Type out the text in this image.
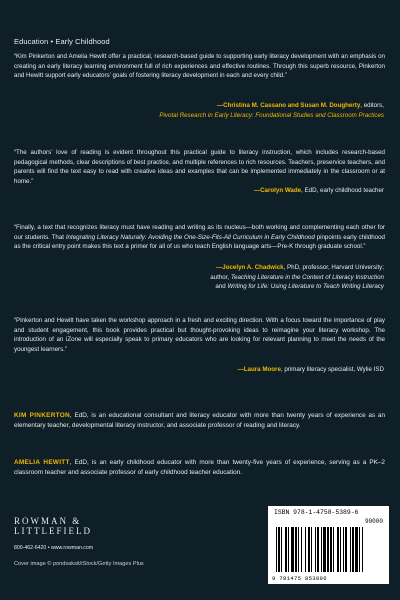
Education • Early Childhood

“Kim Pinkerton and Amelia Hewitt offer a practical, research-based guide to supporting early literacy development with an emphasis on creating an early literacy learning environment full of rich experiences and effective routines. Through this superb resource, Pinkerton and Hewitt support early educators’ goals of fostering literacy development in each and every child.”

—Christina M. Cassano and Susan M. Dougherty, editors,
Pivotal Research in Early Literacy: Foundational Studies and Classroom Practices

“The authors’ love of reading is evident throughout this practical guide to literacy instruction, which includes research-based pedagogical methods, clear descriptions of best practice, and multiple references to rich resources. Teachers, preservice teachers, and parents will find the text easy to read with creative ideas and examples that can be implemented immediately in the classroom or at home.”

—Carolyn Wade, EdD, early childhood teacher

“Finally, a text that recognizes literacy must have reading and writing as its nucleus—both working and complementing each other for our students. That Integrating Literacy Naturally: Avoiding the One-Size-Fits-All Curriculum in Early Childhood pinpoints early childhood as the critical entry point makes this text a primer for all of us who teach English language arts—Pre-K through graduate school.”

—Jocelyn A. Chadwick, PhD, professor, Harvard University;
author, Teaching Literature in the Context of Literacy Instruction
and Writing for Life: Using Literature to Teach Writing Literacy

“Pinkerton and Hewitt have taken the workshop approach in a fresh and exciting direction. With a focus toward the importance of play and student engagement, this book provides practical but thought-provoking ideas to reimagine your literacy workshop. The introduction of an iZone will especially speak to primary educators who are looking for relevant planning to meet the needs of the youngest learners.”

—Laura Moore, primary literacy specialist, Wylie ISD

KIM PINKERTON, EdD, is an educational consultant and literacy educator with more than twenty years of experience as an elementary teacher, developmental literacy instructor, and associate professor of reading and literacy.

AMELIA HEWITT, EdD, is an early childhood educator with more than twenty-five years of experience, serving as a PK–2 classroom teacher and associate professor of early childhood teacher education.

ROWMAN &
LITTLEFIELD
800-462-6420 • www.rowman.com
Cover image © pondsaksit/iStock/Getty Images Plus
ISBN 978-1-4758-5389-6
90000
9 781475 853896
